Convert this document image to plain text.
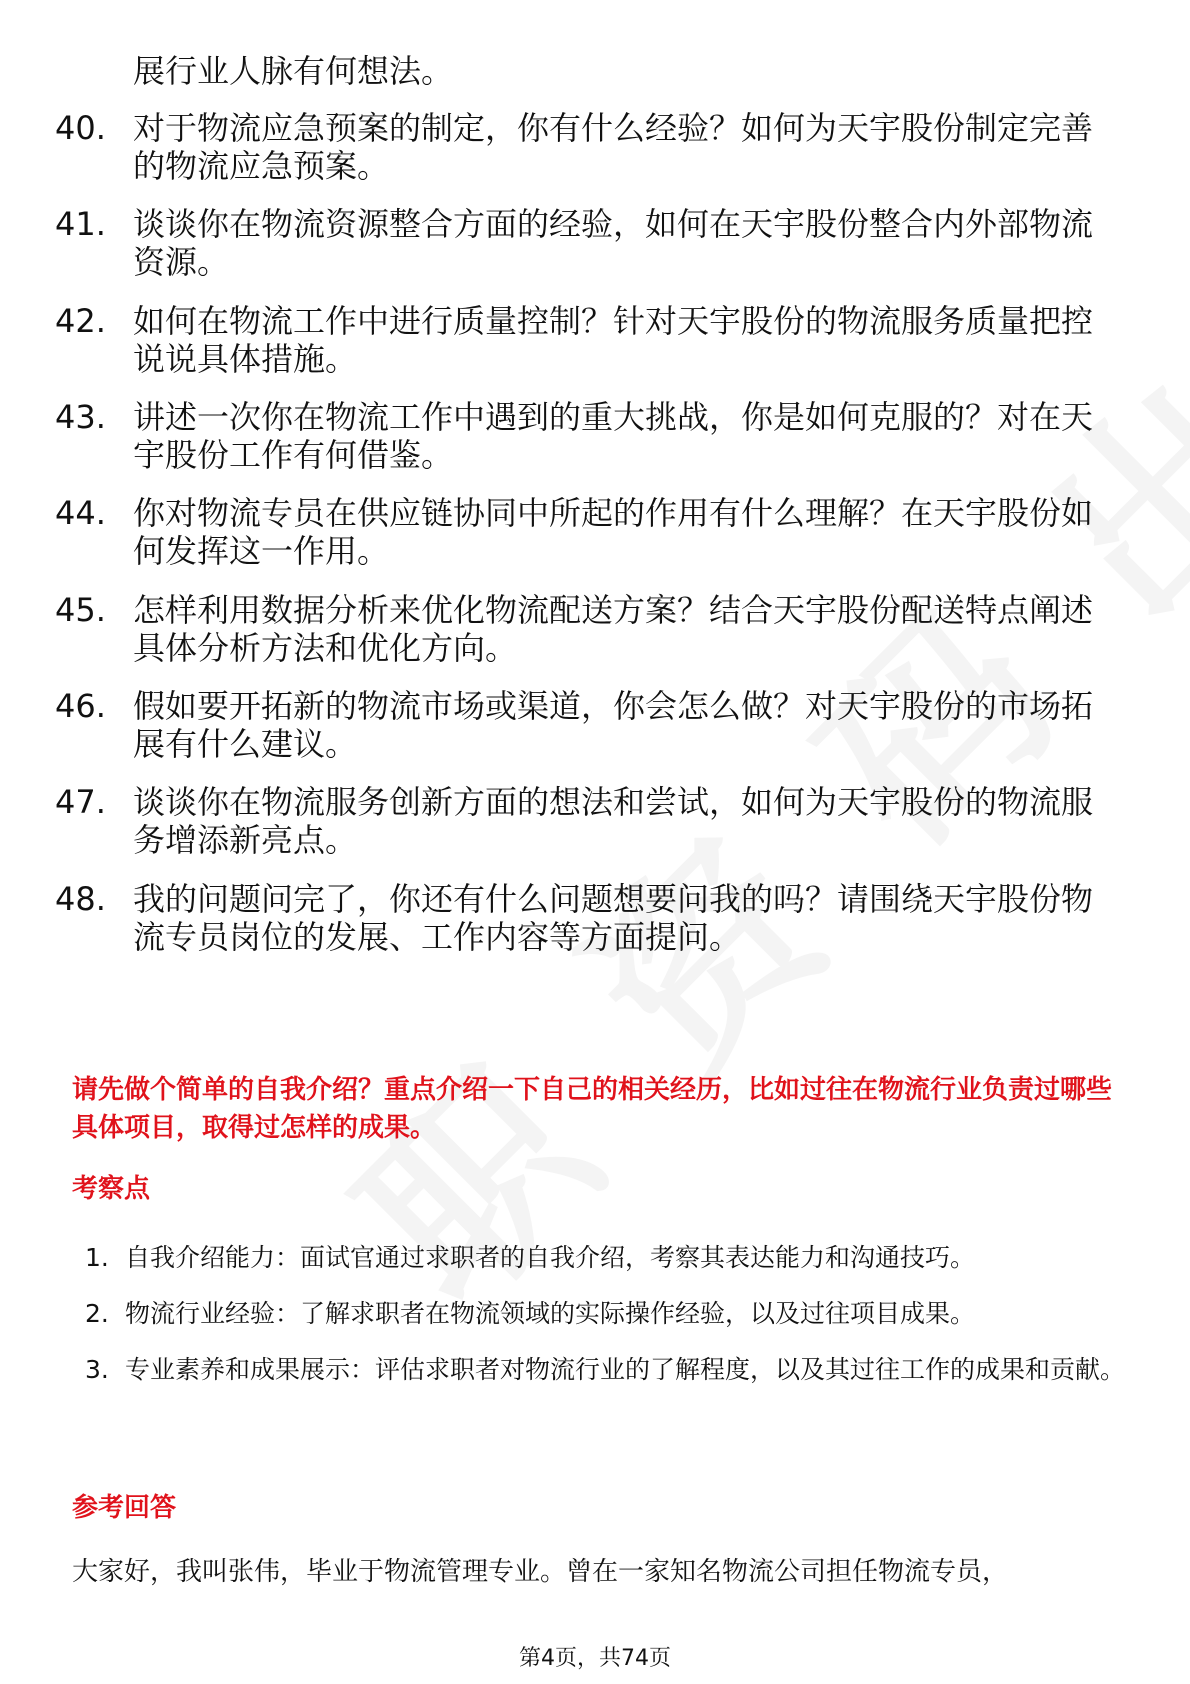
展行业人脉有何想法。
40. 对于物流应急预案的制定，你有什么经验？如何为天宇股份制定完善的物流应急预案。
41. 谈谈你在物流资源整合方面的经验，如何在天宇股份整合内外部物流资源。
42. 如何在物流工作中进行质量控制？针对天宇股份的物流服务质量把控说说具体措施。
43. 讲述一次你在物流工作中遇到的重大挑战，你是如何克服的？对在天宇股份工作有何借鉴。
44. 你对物流专员在供应链协同中所起的作用有什么理解？在天宇股份如何发挥这一作用。
45. 怎样利用数据分析来优化物流配送方案？结合天宇股份配送特点阐述具体分析方法和优化方向。
46. 假如要开拓新的物流市场或渠道，你会怎么做？对天宇股份的市场拓展有什么建议。
47. 谈谈你在物流服务创新方面的想法和尝试，如何为天宇股份的物流服务增添新亮点。
48. 我的问题问完了，你还有什么问题想要问我的吗？请围绕天宇股份物流专员岗位的发展、工作内容等方面提问。
请先做个简单的自我介绍？重点介绍一下自己的相关经历，比如过往在物流行业负责过哪些具体项目，取得过怎样的成果。
考察点
1. 自我介绍能力：面试官通过求职者的自我介绍，考察其表达能力和沟通技巧。
2. 物流行业经验：了解求职者在物流领域的实际操作经验，以及过往项目成果。
3. 专业素养和成果展示：评估求职者对物流行业的了解程度，以及其过往工作的成果和贡献。
参考回答
大家好，我叫张伟，毕业于物流管理专业。曾在一家知名物流公司担任物流专员，
第4页，共74页
